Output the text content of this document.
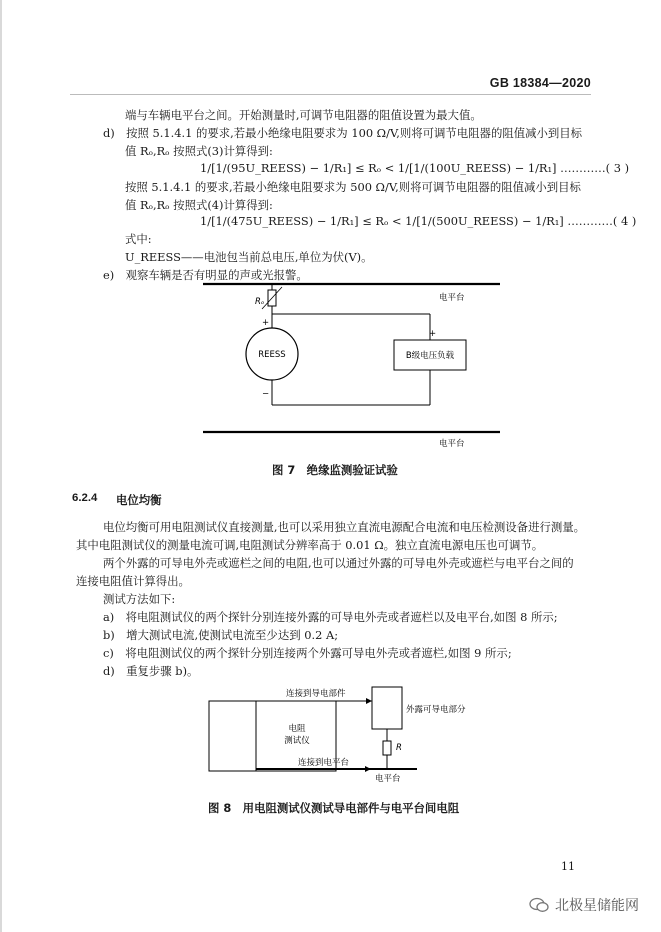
GB 18384—2020
端与车辆电平台之间。开始测量时,可调节电阻器的阻值设置为最大值。
d) 按照 5.1.4.1 的要求,若最小绝缘电阻要求为 100 Ω/V,则将可调节电阻器的阻值减小到目标
值 Rₒ,Rₒ 按照式(3)计算得到:
1/[1/(95U_REESS) − 1/R₁] ≤ Rₒ < 1/[1/(100U_REESS) − 1/R₁] …………( 3 )
按照 5.1.4.1 的要求,若最小绝缘电阻要求为 500 Ω/V,则将可调节电阻器的阻值减小到目标
值 Rₒ,Rₒ 按照式(4)计算得到:
1/[1/(475U_REESS) − 1/R₁] ≤ Rₒ < 1/[1/(500U_REESS) − 1/R₁] …………( 4 )
式中:
U_REESS——电池包当前总电压,单位为伏(V)。
e) 观察车辆是否有明显的声或光报警。
REESS	B级电压负载
Rₒ
+
−
+
电平台
电平台
图 7 绝缘监测验证试验
6.2.4 电位均衡
电位均衡可用电阻测试仪直接测量,也可以采用独立直流电源配合电流和电压检测设备进行测量。
其中电阻测试仪的测量电流可调,电阻测试分辨率高于 0.01 Ω。独立直流电源电压也可调节。
两个外露的可导电外壳或遮栏之间的电阻,也可以通过外露的可导电外壳或遮栏与电平台之间的
连接电阻值计算得出。
测试方法如下:
a) 将电阻测试仪的两个探针分别连接外露的可导电外壳或者遮栏以及电平台,如图 8 所示;
b) 增大测试电流,使测试电流至少达到 0.2 A;
c) 将电阻测试仪的两个探针分别连接两个外露可导电外壳或者遮栏,如图 9 所示;
d) 重复步骤 b)。
电阻
测试仪
连接到导电部件
外露可导电部分
R
连接到电平台
电平台
图 8 用电阻测试仪测试导电部件与电平台间电阻
11
北极星储能网
